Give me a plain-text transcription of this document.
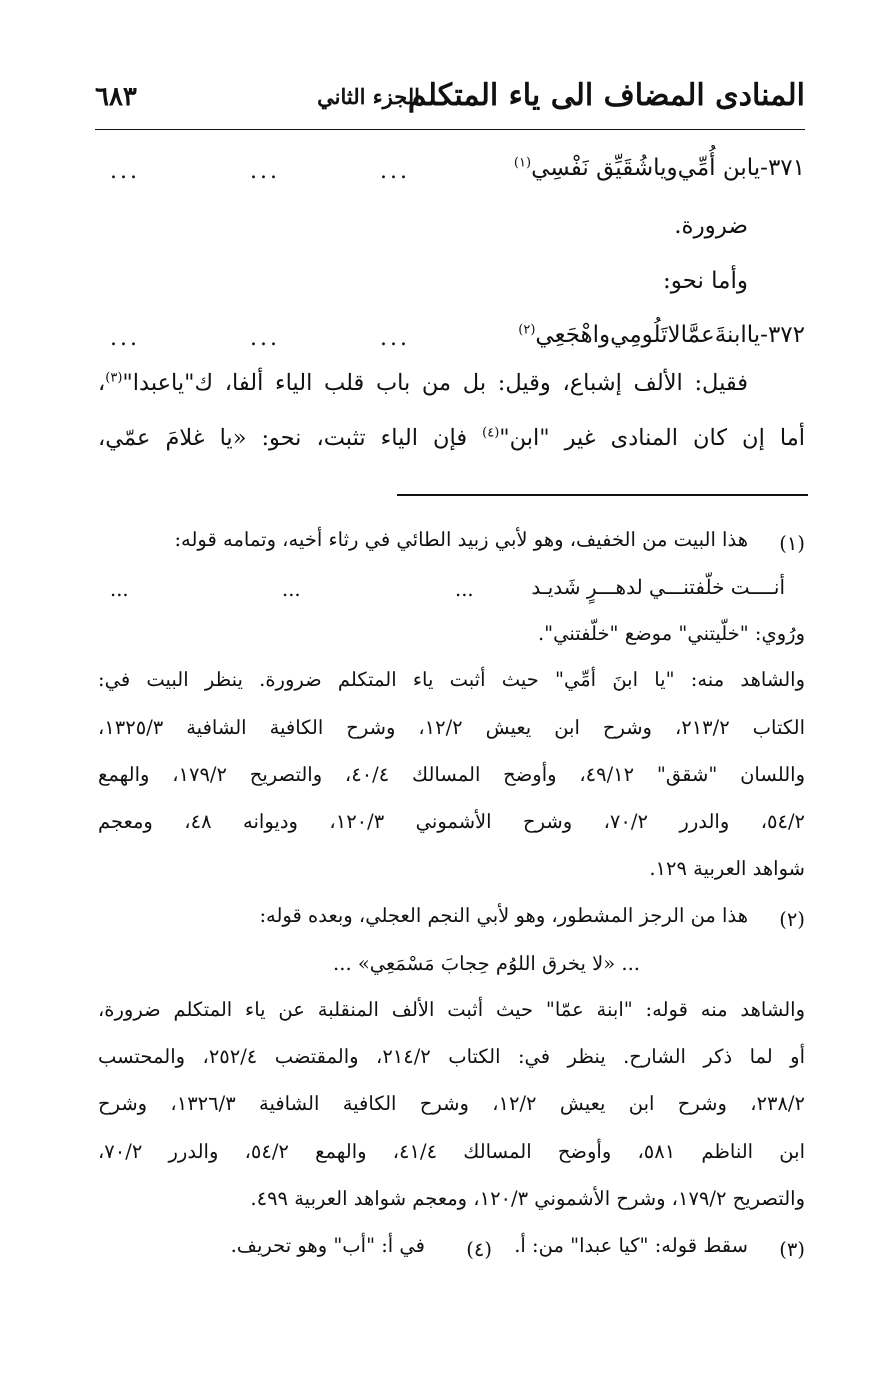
المنادى المضاف الى ياء المتكلم
الجزء الثاني
٦٨٣
٣٧١-يابن أُمِّي‌ويا‌شُقَيِّق‌ نَفْسِي$^{(١)}$
...
...
...
ضرورة.
وأما نحو:
٣٧٢-يا‌ابنةَ‌عمَّا‌لاتَلُومِي‌واهْجَعِي$^{(٢)}$
...
...
...
فقيل: الألف إشباع، وقيل: بل من باب قلب الياء ألفا، ك"ياعبدا"$^{(٣)}$،
أما إن كان المنادى غير "ابن"$^{(٤)}$ فإن الياء تثبت، نحو: «يا غلامَ عمّي،
(١)
هذا البيت من الخفيف، وهو لأبي زبيد الطائي في رثاء أخيه، وتمامه قوله:
أنــــت خلّفتنـــي لدهـــرٍ شَديـد
...
...
...
ورُوي: "خلّيتني" موضع "خلّفتني".
والشاهد منه: "يا ابنَ أمِّي" حيث أثبت ياء المتكلم ضرورة. ينظر البيت في:
الكتاب ٢١٣/٢، وشرح ابن يعيش ١٢/٢، وشرح الكافية الشافية ١٣٢٥/٣،
واللسان "شقق" ٤٩/١٢، وأوضح المسالك ٤٠/٤، والتصريح ١٧٩/٢، والهمع
٥٤/٢، والدرر ٧٠/٢، وشرح الأشموني ١٢٠/٣، وديوانه ٤٨، ومعجم
شواهد العربية ١٢٩.
(٢)
هذا من الرجز المشطور، وهو لأبي النجم العجلي، وبعده قوله:
... «لا يخرق اللوُم حِجابَ مَسْمَعِي» ...
والشاهد منه قوله: "ابنة عمّا" حيث أثبت الألف المنقلبة عن ياء المتكلم ضرورة،
أو لما ذكر الشارح. ينظر في: الكتاب ٢١٤/٢، والمقتضب ٢٥٢/٤، والمحتسب
٢٣٨/٢، وشرح ابن يعيش ١٢/٢، وشرح الكافية الشافية ١٣٢٦/٣، وشرح
ابن الناظم ٥٨١، وأوضح المسالك ٤١/٤، والهمع ٥٤/٢، والدرر ٧٠/٢،
والتصريح ١٧٩/٢، وشرح الأشموني ١٢٠/٣، ومعجم شواهد العربية ٤٩٩.
(٣)
سقط قوله: "كيا عبدا" من: أ.
(٤)
في أ: "أب" وهو تحريف.
